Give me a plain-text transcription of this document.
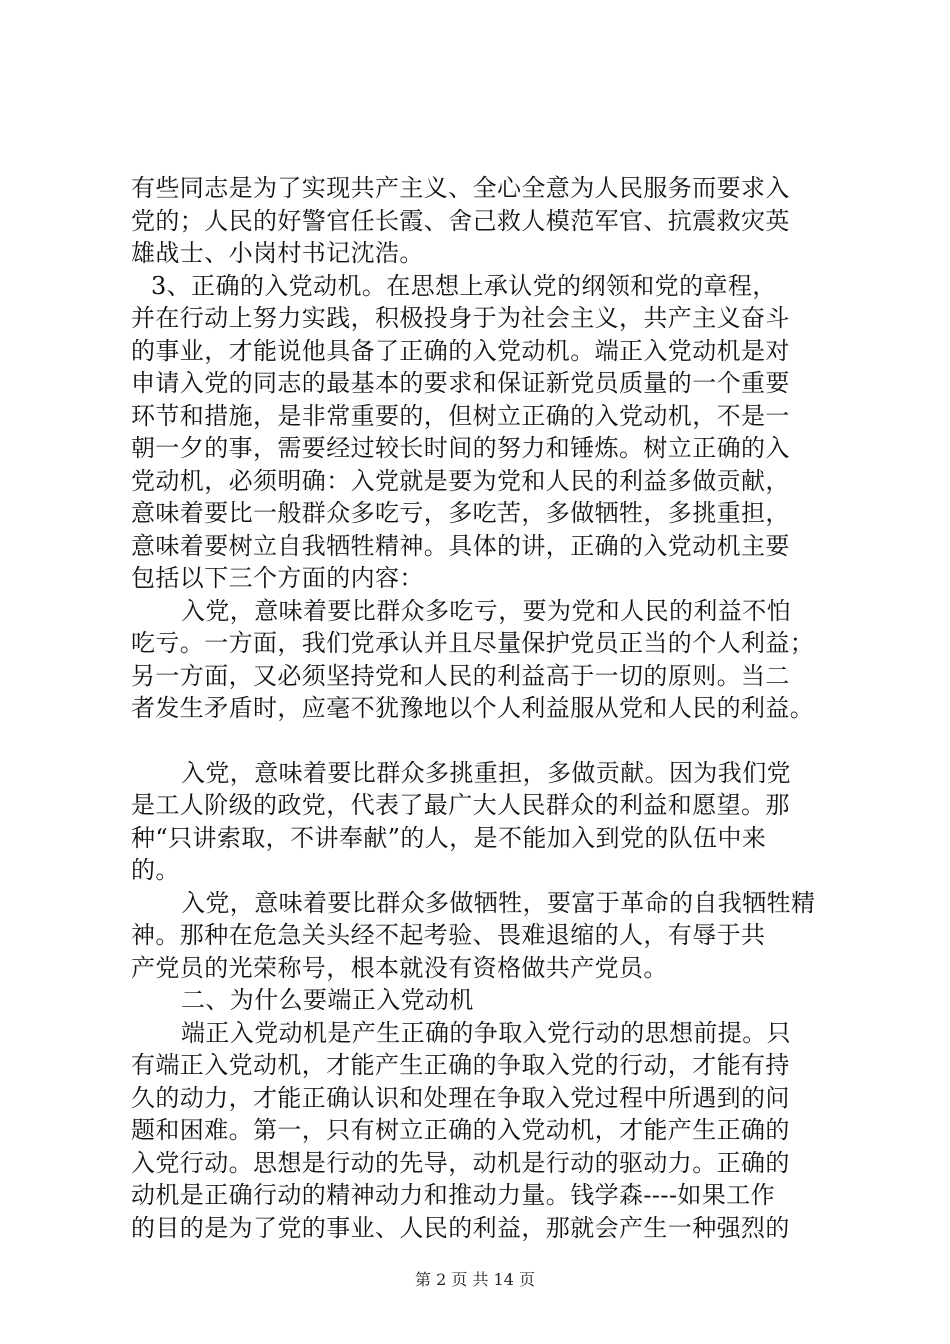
有些同志是为了实现共产主义、全心全意为人民服务而要求入
党的；人民的好警官任长霞、舍己救人模范军官、抗震救灾英
雄战士、小岗村书记沈浩。
3、正确的入党动机。在思想上承认党的纲领和党的章程，
并在行动上努力实践，积极投身于为社会主义，共产主义奋斗
的事业，才能说他具备了正确的入党动机。端正入党动机是对
申请入党的同志的最基本的要求和保证新党员质量的一个重要
环节和措施，是非常重要的，但树立正确的入党动机，不是一
朝一夕的事，需要经过较长时间的努力和锤炼。树立正确的入
党动机，必须明确：入党就是要为党和人民的利益多做贡献，
意味着要比一般群众多吃亏，多吃苦，多做牺牲，多挑重担，
意味着要树立自我牺牲精神。具体的讲，正确的入党动机主要
包括以下三个方面的内容：
入党，意味着要比群众多吃亏，要为党和人民的利益不怕
吃亏。一方面，我们党承认并且尽量保护党员正当的个人利益；
另一方面，又必须坚持党和人民的利益高于一切的原则。当二
者发生矛盾时，应毫不犹豫地以个人利益服从党和人民的利益。
入党，意味着要比群众多挑重担，多做贡献。因为我们党
是工人阶级的政党，代表了最广大人民群众的利益和愿望。那
种“只讲索取，不讲奉献”的人，是不能加入到党的队伍中来
的。
入党，意味着要比群众多做牺牲，要富于革命的自我牺牲精
神。那种在危急关头经不起考验、畏难退缩的人，有辱于共
产党员的光荣称号，根本就没有资格做共产党员。
二、为什么要端正入党动机
端正入党动机是产生正确的争取入党行动的思想前提。只
有端正入党动机，才能产生正确的争取入党的行动，才能有持
久的动力，才能正确认识和处理在争取入党过程中所遇到的问
题和困难。第一，只有树立正确的入党动机，才能产生正确的
入党行动。思想是行动的先导，动机是行动的驱动力。正确的
动机是正确行动的精神动力和推动力量。钱学森----如果工作
的目的是为了党的事业、人民的利益，那就会产生一种强烈的
第 2 页 共 14 页
